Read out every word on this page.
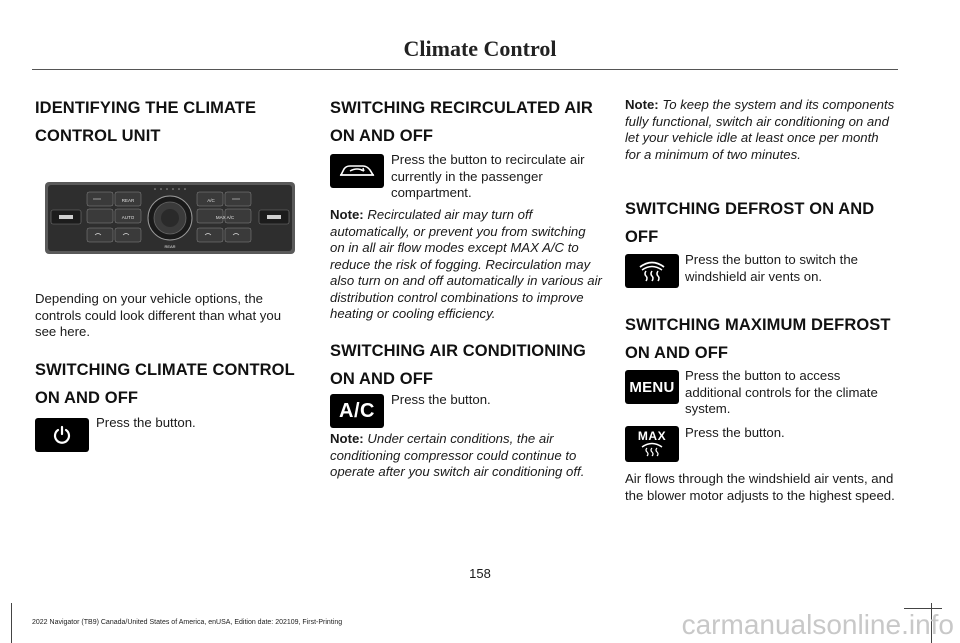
Climate Control

IDENTIFYING THE CLIMATE
CONTROL UNIT

REAR	A/C
AUTO
REAR
MAX A/C

Depending on your vehicle options, the controls could look different than what you see here.

SWITCHING CLIMATE CONTROL
ON AND OFF

Press the button.

SWITCHING RECIRCULATED AIR
ON AND OFF

Press the button to recirculate air currently in the passenger compartment.

Note: Recirculated air may turn off automatically, or prevent you from switching on in all air flow modes except MAX A/C to reduce the risk of fogging. Recirculation may also turn on and off automatically in various air distribution control combinations to improve heating or cooling efficiency.

SWITCHING AIR CONDITIONING
ON AND OFF

A/C Press the button.

Note: Under certain conditions, the air conditioning compressor could continue to operate after you switch air conditioning off.

Note: To keep the system and its components fully functional, switch air conditioning on and let your vehicle idle at least once per month for a minimum of two minutes.

SWITCHING DEFROST ON AND
OFF

Press the button to switch the windshield air vents on.

SWITCHING MAXIMUM DEFROST
ON AND OFF

MENU
Press the button to access additional controls for the climate system.
MAX Press the button.

Air flows through the windshield air vents, and the blower motor adjusts to the highest speed.

158
2022 Navigator (TB9) Canada/United States of America, enUSA, Edition date: 202109, First-Printing	carmanualsonline.info
